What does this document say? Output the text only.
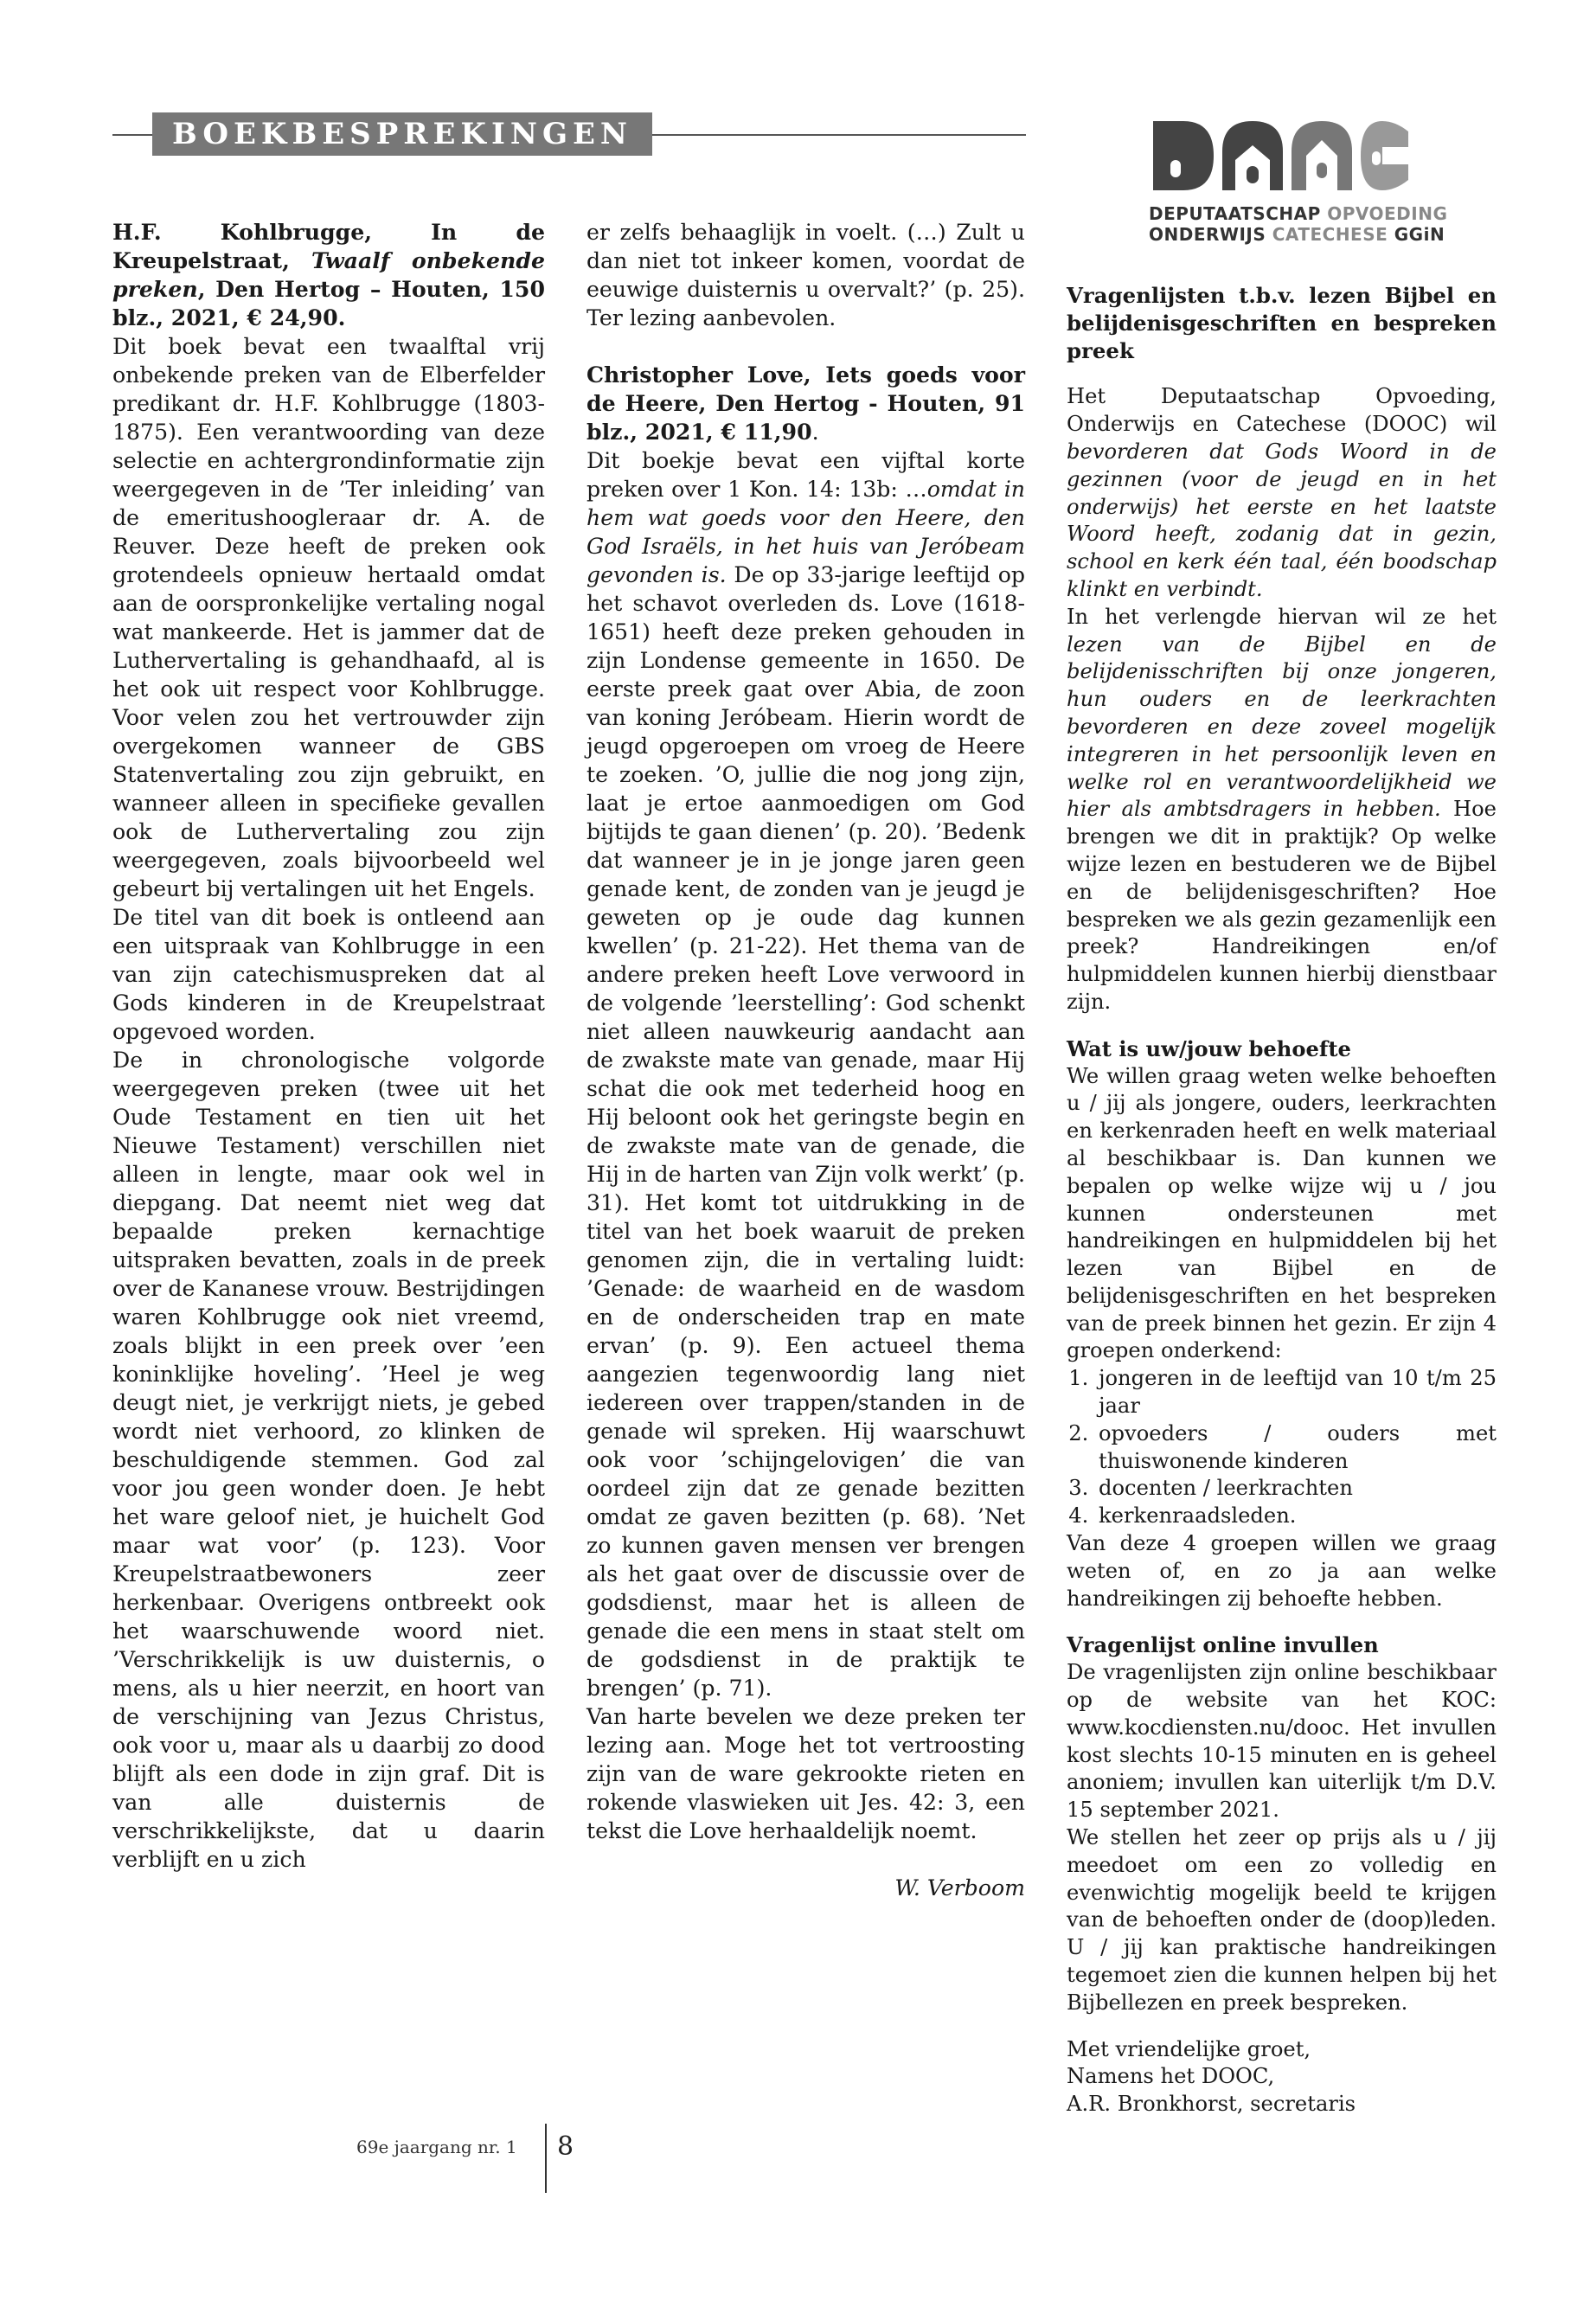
BOEKBESPREKINGEN
DEPUTAATSCHAP OPVOEDING
ONDERWIJS CATECHESE GGiN

H.F. Kohlbrugge, In de Kreupelstraat, Twaalf onbekende preken, Den Hertog – Houten, 150 blz., 2021, € 24,90.

Dit boek bevat een twaalftal vrij onbekende preken van de Elberfelder predikant dr. H.F. Kohlbrugge (1803-1875). Een verantwoording van deze selectie en achtergrondinformatie zijn weergegeven in de ’Ter inleiding’ van de emeritushoogleraar dr. A. de Reuver. Deze heeft de preken ook grotendeels opnieuw hertaald omdat aan de oorspronkelijke vertaling nogal wat mankeerde. Het is jammer dat de Luthervertaling is gehandhaafd, al is het ook uit respect voor Kohlbrugge. Voor velen zou het vertrouwder zijn overgekomen wanneer de GBS Statenvertaling zou zijn gebruikt, en wanneer alleen in specifieke gevallen ook de Luthervertaling zou zijn weergegeven, zoals bijvoorbeeld wel gebeurt bij vertalingen uit het Engels.

De titel van dit boek is ontleend aan een uitspraak van Kohlbrugge in een van zijn catechismuspreken dat al Gods kinderen in de Kreupelstraat opgevoed worden.

De in chronologische volgorde weergegeven preken (twee uit het Oude Testament en tien uit het Nieuwe Testament) verschillen niet alleen in lengte, maar ook wel in diepgang. Dat neemt niet weg dat bepaalde preken kernachtige uitspraken bevatten, zoals in de preek over de Kananese vrouw. Bestrijdingen waren Kohlbrugge ook niet vreemd, zoals blijkt in een preek over ’een koninklijke hoveling’. ’Heel je weg deugt niet, je verkrijgt niets, je gebed wordt niet verhoord, zo klinken de beschuldigende stemmen. God zal voor jou geen wonder doen. Je hebt het ware geloof niet, je huichelt God maar wat voor’ (p. 123). Voor Kreupelstraatbewoners zeer herkenbaar. Overigens ontbreekt ook het waarschuwende woord niet. ’Verschrikkelijk is uw duisternis, o mens, als u hier neerzit, en hoort van de verschijning van Jezus Christus, ook voor u, maar als u daarbij zo dood blijft als een dode in zijn graf. Dit is van alle duisternis de verschrikkelijkste, dat u daarin verblijft en u zich

er zelfs behaaglijk in voelt. (…) Zult u dan niet tot inkeer komen, voordat de eeuwige duisternis u overvalt?’ (p. 25). Ter lezing aanbevolen.

Christopher Love, Iets goeds voor de Heere, Den Hertog - Houten, 91 blz., 2021, € 11,90.

Dit boekje bevat een vijftal korte preken over 1 Kon. 14: 13b: …omdat in hem wat goeds voor den Heere, den God Israëls, in het huis van Jeróbeam gevonden is. De op 33-jarige leeftijd op het schavot overleden ds. Love (1618-1651) heeft deze preken gehouden in zijn Londense gemeente in 1650. De eerste preek gaat over Abia, de zoon van koning Jeróbeam. Hierin wordt de jeugd opgeroepen om vroeg de Heere te zoeken. ’O, jullie die nog jong zijn, laat je ertoe aanmoedigen om God bijtijds te gaan dienen’ (p. 20). ’Bedenk dat wanneer je in je jonge jaren geen genade kent, de zonden van je jeugd je geweten op je oude dag kunnen kwellen’ (p. 21-22). Het thema van de andere preken heeft Love verwoord in de volgende ’leerstelling’: God schenkt niet alleen nauwkeurig aandacht aan de zwakste mate van genade, maar Hij schat die ook met tederheid hoog en Hij beloont ook het geringste begin en de zwakste mate van de genade, die Hij in de harten van Zijn volk werkt’ (p. 31). Het komt tot uitdrukking in de titel van het boek waaruit de preken genomen zijn, die in vertaling luidt: ’Genade: de waarheid en de wasdom en de onderscheiden trap en mate ervan’ (p. 9). Een actueel thema aangezien tegenwoordig lang niet iedereen over trappen/standen in de genade wil spreken. Hij waarschuwt ook voor ’schijngelovigen’ die van oordeel zijn dat ze genade bezitten omdat ze gaven bezitten (p. 68). ’Net zo kunnen gaven mensen ver brengen als het gaat over de discussie over de godsdienst, maar het is alleen de genade die een mens in staat stelt om de godsdienst in de praktijk te brengen’ (p. 71).

Van harte bevelen we deze preken ter lezing aan. Moge het tot vertroosting zijn van de ware gekrookte rieten en rokende vlaswieken uit Jes. 42: 3, een tekst die Love herhaaldelijk noemt.

W. Verboom

Vragenlijsten t.b.v. lezen Bijbel en belijdenisgeschriften en bespreken preek

Het Deputaatschap Opvoeding, Onderwijs en Catechese (DOOC) wil bevorderen dat Gods Woord in de gezinnen (voor de jeugd en in het onderwijs) het eerste en het laatste Woord heeft, zodanig dat in gezin, school en kerk één taal, één boodschap klinkt en verbindt.

In het verlengde hiervan wil ze het lezen van de Bijbel en de belijdenisschriften bij onze jongeren, hun ouders en de leerkrachten bevorderen en deze zoveel mogelijk integreren in het persoonlijk leven en welke rol en verantwoordelijkheid we hier als ambtsdragers in hebben. Hoe brengen we dit in praktijk? Op welke wijze lezen en bestuderen we de Bijbel en de belijdenisgeschriften? Hoe bespreken we als gezin gezamenlijk een preek? Handreikingen en/of hulpmiddelen kunnen hierbij dienstbaar zijn.

Wat is uw/jouw behoefte

We willen graag weten welke behoeften u / jij als jongere, ouders, leerkrachten en kerkenraden heeft en welk materiaal al beschikbaar is. Dan kunnen we bepalen op welke wijze wij u / jou kunnen ondersteunen met handreikingen en hulpmiddelen bij het lezen van Bijbel en de belijdenisgeschriften en het bespreken van de preek binnen het gezin. Er zijn 4 groepen onderkend:

1. jongeren in de leeftijd van 10 t/m 25 jaar
2. opvoeders / ouders met thuiswonende kinderen
3. docenten / leerkrachten
4. kerkenraadsleden.

Van deze 4 groepen willen we graag weten of, en zo ja aan welke handreikingen zij behoefte hebben.

Vragenlijst online invullen

De vragenlijsten zijn online beschikbaar op de website van het KOC: www.kocdiensten.nu/dooc. Het invullen kost slechts 10-15 minuten en is geheel anoniem; invullen kan uiterlijk t/m D.V. 15 september 2021.

We stellen het zeer op prijs als u / jij meedoet om een zo volledig en evenwichtig mogelijk beeld te krijgen van de behoeften onder de (doop)leden. U / jij kan praktische handreikingen tegemoet zien die kunnen helpen bij het Bijbellezen en preek bespreken.

Met vriendelijke groet,

Namens het DOOC,

A.R. Bronkhorst, secretaris

69e jaargang nr. 1 8
